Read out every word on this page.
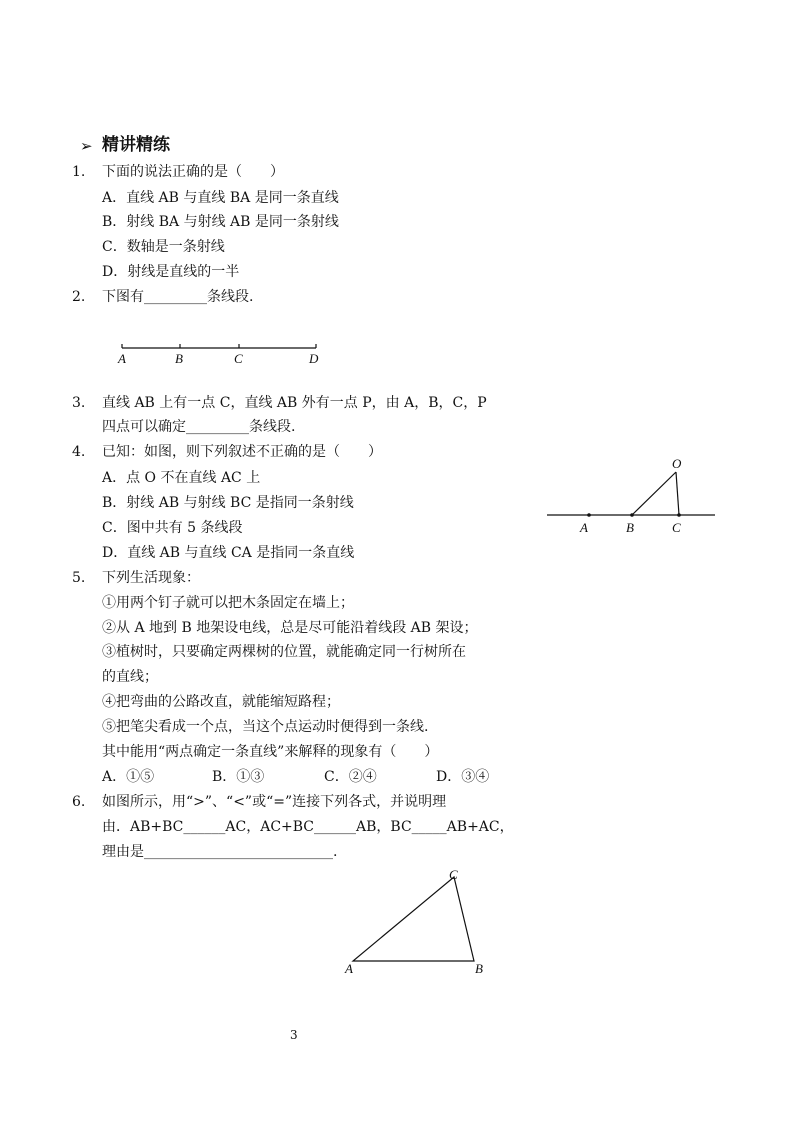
➢ 精讲精练
1. 下面的说法正确的是（　　）
A．直线 AB 与直线 BA 是同一条直线
B．射线 BA 与射线 AB 是同一条射线
C．数轴是一条射线
D．射线是直线的一半
2. 下图有_________条线段.
A	B	C	D
3. 直线 AB 上有一点 C，直线 AB 外有一点 P，由 A，B，C，P
四点可以确定_________条线段.
4. 已知：如图，则下列叙述不正确的是（　　）
A．点 O 不在直线 AC 上
B．射线 AB 与射线 BC 是指同一条射线
C．图中共有 5 条线段
D．直线 AB 与直线 CA 是指同一条直线
O
A	B	C
5. 下列生活现象：
①用两个钉子就可以把木条固定在墙上；
②从 A 地到 B 地架设电线，总是尽可能沿着线段 AB 架设；
③植树时，只要确定两棵树的位置，就能确定同一行树所在
的直线；
④把弯曲的公路改直，就能缩短路程；
⑤把笔尖看成一个点，当这个点运动时便得到一条线.
其中能用“两点确定一条直线”来解释的现象有（　　）
A．①⑤	B．①③	C．②④	D．③④
6. 如图所示，用“>”、“<”或“=”连接下列各式，并说明理
由．AB+BC______AC，AC+BC______AB，BC_____AB+AC，
理由是___________________________.
C
A	B
3
